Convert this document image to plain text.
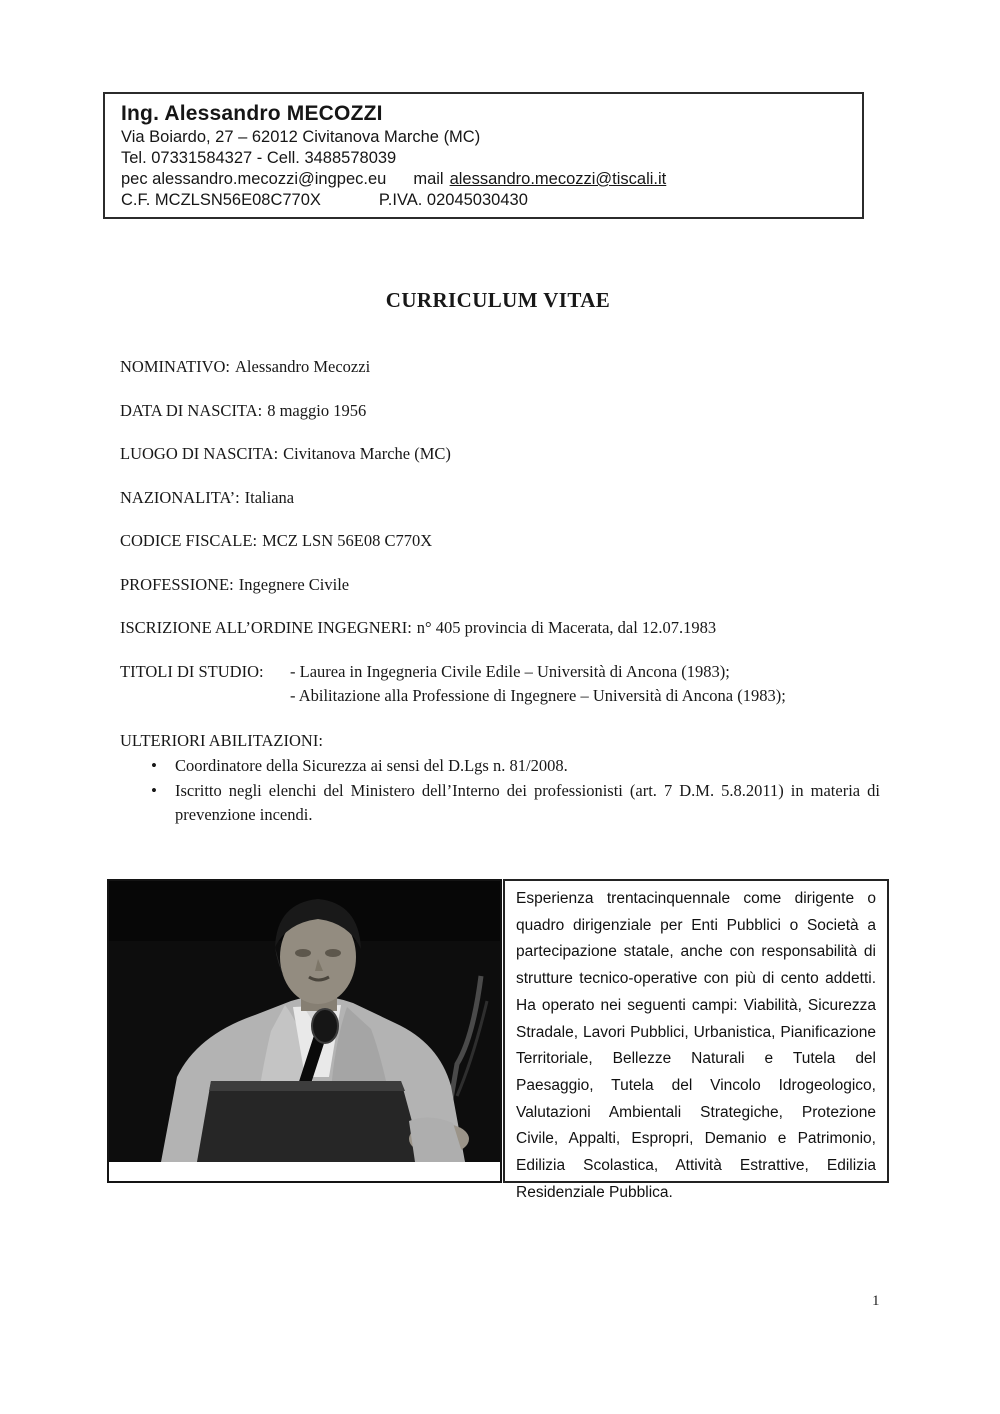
Ing. Alessandro MECOZZI
Via Boiardo, 27 – 62012 Civitanova Marche (MC)
Tel. 07331584327 - Cell. 3488578039
pec alessandro.mecozzi@ingpec.eu mail alessandro.mecozzi@tiscali.it
C.F. MCZLSN56E08C770X	P.IVA. 02045030430
CURRICULUM VITAE
NOMINATIVO: Alessandro Mecozzi
DATA DI NASCITA: 8 maggio 1956
LUOGO DI NASCITA: Civitanova Marche (MC)
NAZIONALITA’: Italiana
CODICE FISCALE: MCZ LSN 56E08 C770X
PROFESSIONE: Ingegnere Civile
ISCRIZIONE ALL’ORDINE INGEGNERI: n° 405 provincia di Macerata, dal 12.07.1983
TITOLI DI STUDIO:	- Laurea in Ingegneria Civile Edile – Università di Ancona (1983);
- Abilitazione alla Professione di Ingegnere – Università di Ancona (1983);
ULTERIORI ABILITAZIONI:
• Coordinatore della Sicurezza ai sensi del D.Lgs n. 81/2008.
• Iscritto negli elenchi del Ministero dell’Interno dei professionisti (art. 7 D.M. 5.8.2011) in materia di prevenzione incendi.
Esperienza trentacinquennale come dirigente o quadro dirigenziale per Enti Pubblici o Società a partecipazione statale, anche con responsabilità di strutture tecnico-operative con più di cento addetti. Ha operato nei seguenti campi: Viabilità, Sicurezza Stradale, Lavori Pubblici, Urbanistica, Pianificazione Territoriale, Bellezze Naturali e Tutela del Paesaggio, Tutela del Vincolo Idrogeologico, Valutazioni Ambientali Strategiche, Protezione Civile, Appalti, Espropri, Demanio e Patrimonio, Edilizia Scolastica, Attività Estrattive, Edilizia Residenziale Pubblica.
1
